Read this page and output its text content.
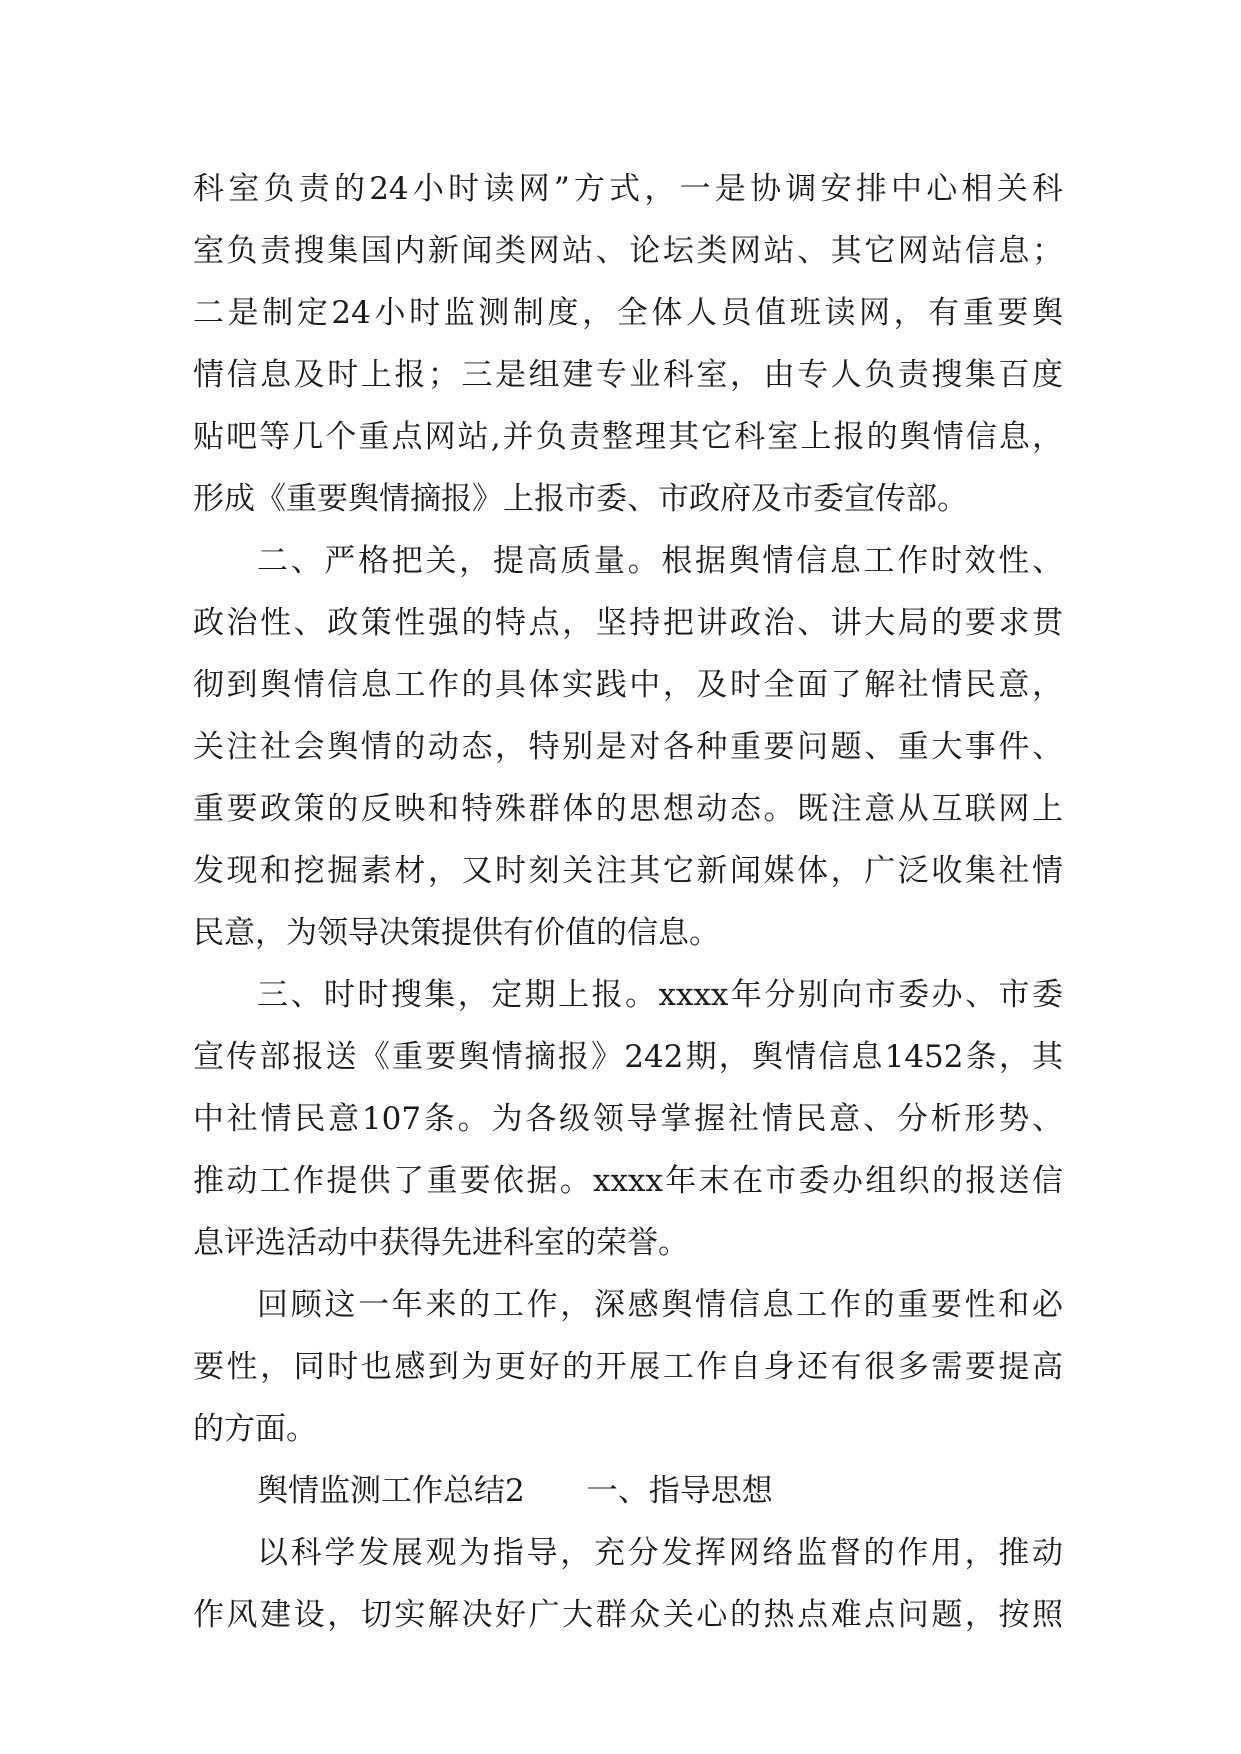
科室负责的24小时读网”方式，一是协调安排中心相关科
室负责搜集国内新闻类网站、论坛类网站、其它网站信息；
二是制定24小时监测制度，全体人员值班读网，有重要舆
情信息及时上报；三是组建专业科室，由专人负责搜集百度
贴吧等几个重点网站,并负责整理其它科室上报的舆情信息，
形成《重要舆情摘报》上报市委、市政府及市委宣传部。
二、严格把关，提高质量。根据舆情信息工作时效性、
政治性、政策性强的特点，坚持把讲政治、讲大局的要求贯
彻到舆情信息工作的具体实践中，及时全面了解社情民意，
关注社会舆情的动态，特别是对各种重要问题、重大事件、
重要政策的反映和特殊群体的思想动态。既注意从互联网上
发现和挖掘素材，又时刻关注其它新闻媒体，广泛收集社情
民意，为领导决策提供有价值的信息。
三、时时搜集，定期上报。xxxx年分别向市委办、市委
宣传部报送《重要舆情摘报》242期，舆情信息1452条，其
中社情民意107条。为各级领导掌握社情民意、分析形势、
推动工作提供了重要依据。xxxx年末在市委办组织的报送信
息评选活动中获得先进科室的荣誉。
回顾这一年来的工作，深感舆情信息工作的重要性和必
要性，同时也感到为更好的开展工作自身还有很多需要提高
的方面。
舆情监测工作总结2 一、指导思想
以科学发展观为指导，充分发挥网络监督的作用，推动
作风建设，切实解决好广大群众关心的热点难点问题，按照
